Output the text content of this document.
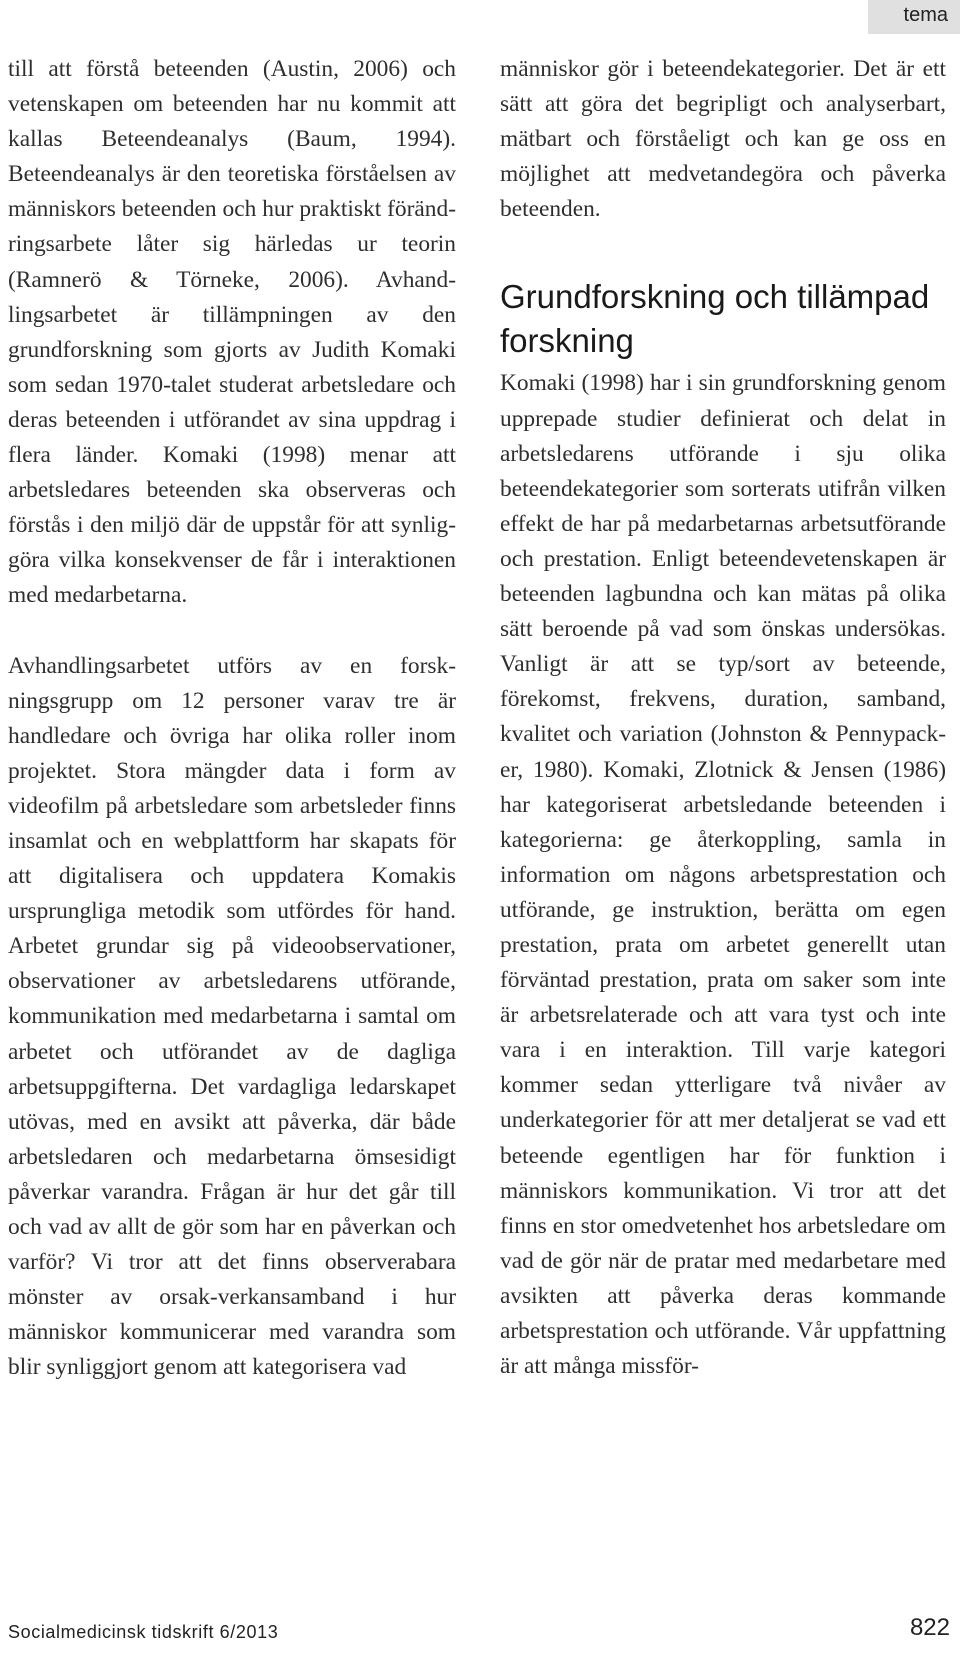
tema

till att förstå beteenden (Austin, 2006) och vetenskapen om beteenden har nu kommit att kallas Beteendeanalys (Baum, 1994). Beteendeanalys är den teoretiska förståelsen av människors beteenden och hur praktiskt förändringsarbete låter sig härledas ur teorin (Ramnerö & Törneke, 2006). Avhandlingsarbetet är tillämpningen av den grundforskning som gjorts av Judith Komaki som sedan 1970-talet studerat arbetsledare och deras beteenden i utförandet av sina uppdrag i flera länder. Komaki (1998) menar att arbetsledares beteenden ska observeras och förstås i den miljö där de uppstår för att synliggöra vilka konsekvenser de får i interaktionen med medarbetarna.

Avhandlingsarbetet utförs av en forskningsgrupp om 12 personer varav tre är handledare och övriga har olika roller inom projektet. Stora mängder data i form av videofilm på arbetsledare som arbetsleder finns insamlat och en webplattform har skapats för att digitalisera och uppdatera Komakis ursprungliga metodik som utfördes för hand. Arbetet grundar sig på videoobservationer, observationer av arbetsledarens utförande, kommunikation med medarbetarna i samtal om arbetet och utförandet av de dagliga arbetsuppgifterna. Det vardagliga ledarskapet utövas, med en avsikt att påverka, där både arbetsledaren och medarbetarna ömsesidigt påverkar varandra. Frågan är hur det går till och vad av allt de gör som har en påverkan och varför? Vi tror att det finns observerabara mönster av orsak-verkansamband i hur människor kommunicerar med varandra som blir synliggjort genom att kategorisera vad

människor gör i beteendekategorier. Det är ett sätt att göra det begripligt och analyserbart, mätbart och förståeligt och kan ge oss en möjlighet att medvetandegöra och påverka beteenden.

Grundforskning och tillämpad forskning

Komaki (1998) har i sin grundforskning genom upprepade studier definierat och delat in arbetsledarens utförande i sju olika beteendekategorier som sorterats utifrån vilken effekt de har på medarbetarnas arbetsutförande och prestation. Enligt beteendevetenskapen är beteenden lagbundna och kan mätas på olika sätt beroende på vad som önskas undersökas. Vanligt är att se typ/sort av beteende, förekomst, frekvens, duration, samband, kvalitet och variation (Johnston & Pennypacker, 1980). Komaki, Zlotnick & Jensen (1986) har kategoriserat arbetsledande beteenden i kategorierna: ge återkoppling, samla in information om någons arbetsprestation och utförande, ge instruktion, berätta om egen prestation, prata om arbetet generellt utan förväntad prestation, prata om saker som inte är arbetsrelaterade och att vara tyst och inte vara i en interaktion. Till varje kategori kommer sedan ytterligare två nivåer av underkategorier för att mer detaljerat se vad ett beteende egentligen har för funktion i människors kommunikation. Vi tror att det finns en stor omedvetenhet hos arbetsledare om vad de gör när de pratar med medarbetare med avsikten att påverka deras kommande arbetsprestation och utförande. Vår uppfattning är att många missför-

Socialmedicinsk tidskrift 6/2013	822
